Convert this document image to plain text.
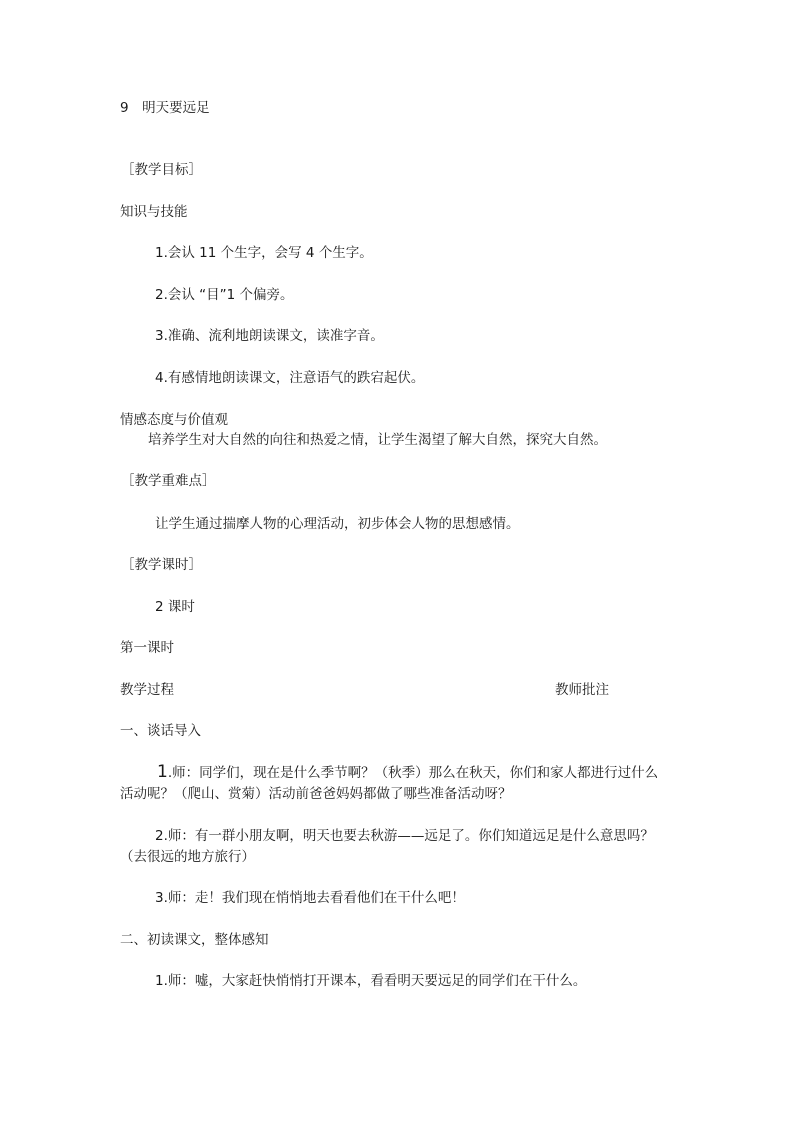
9　明天要远足
［教学目标］
知识与技能
1.会认 11 个生字，会写 4 个生字。
2.会认 “目”1 个偏旁。
3.准确、流利地朗读课文，读准字音。
4.有感情地朗读课文，注意语气的跌宕起伏。
情感态度与价值观
培养学生对大自然的向往和热爱之情，让学生渴望了解大自然，探究大自然。
［教学重难点］
让学生通过揣摩人物的心理活动，初步体会人物的思想感情。
［教学课时］
2 课时
第一课时
教学过程	教师批注
一、谈话导入
1.师：同学们，现在是什么季节啊？（秋季）那么在秋天，你们和家人都进行过什么
活动呢？（爬山、赏菊）活动前爸爸妈妈都做了哪些准备活动呀？
2.师：有一群小朋友啊，明天也要去秋游——远足了。你们知道远足是什么意思吗？
（去很远的地方旅行）
3.师：走！我们现在悄悄地去看看他们在干什么吧！
二、初读课文，整体感知
1.师：嘘，大家赶快悄悄打开课本，看看明天要远足的同学们在干什么。
